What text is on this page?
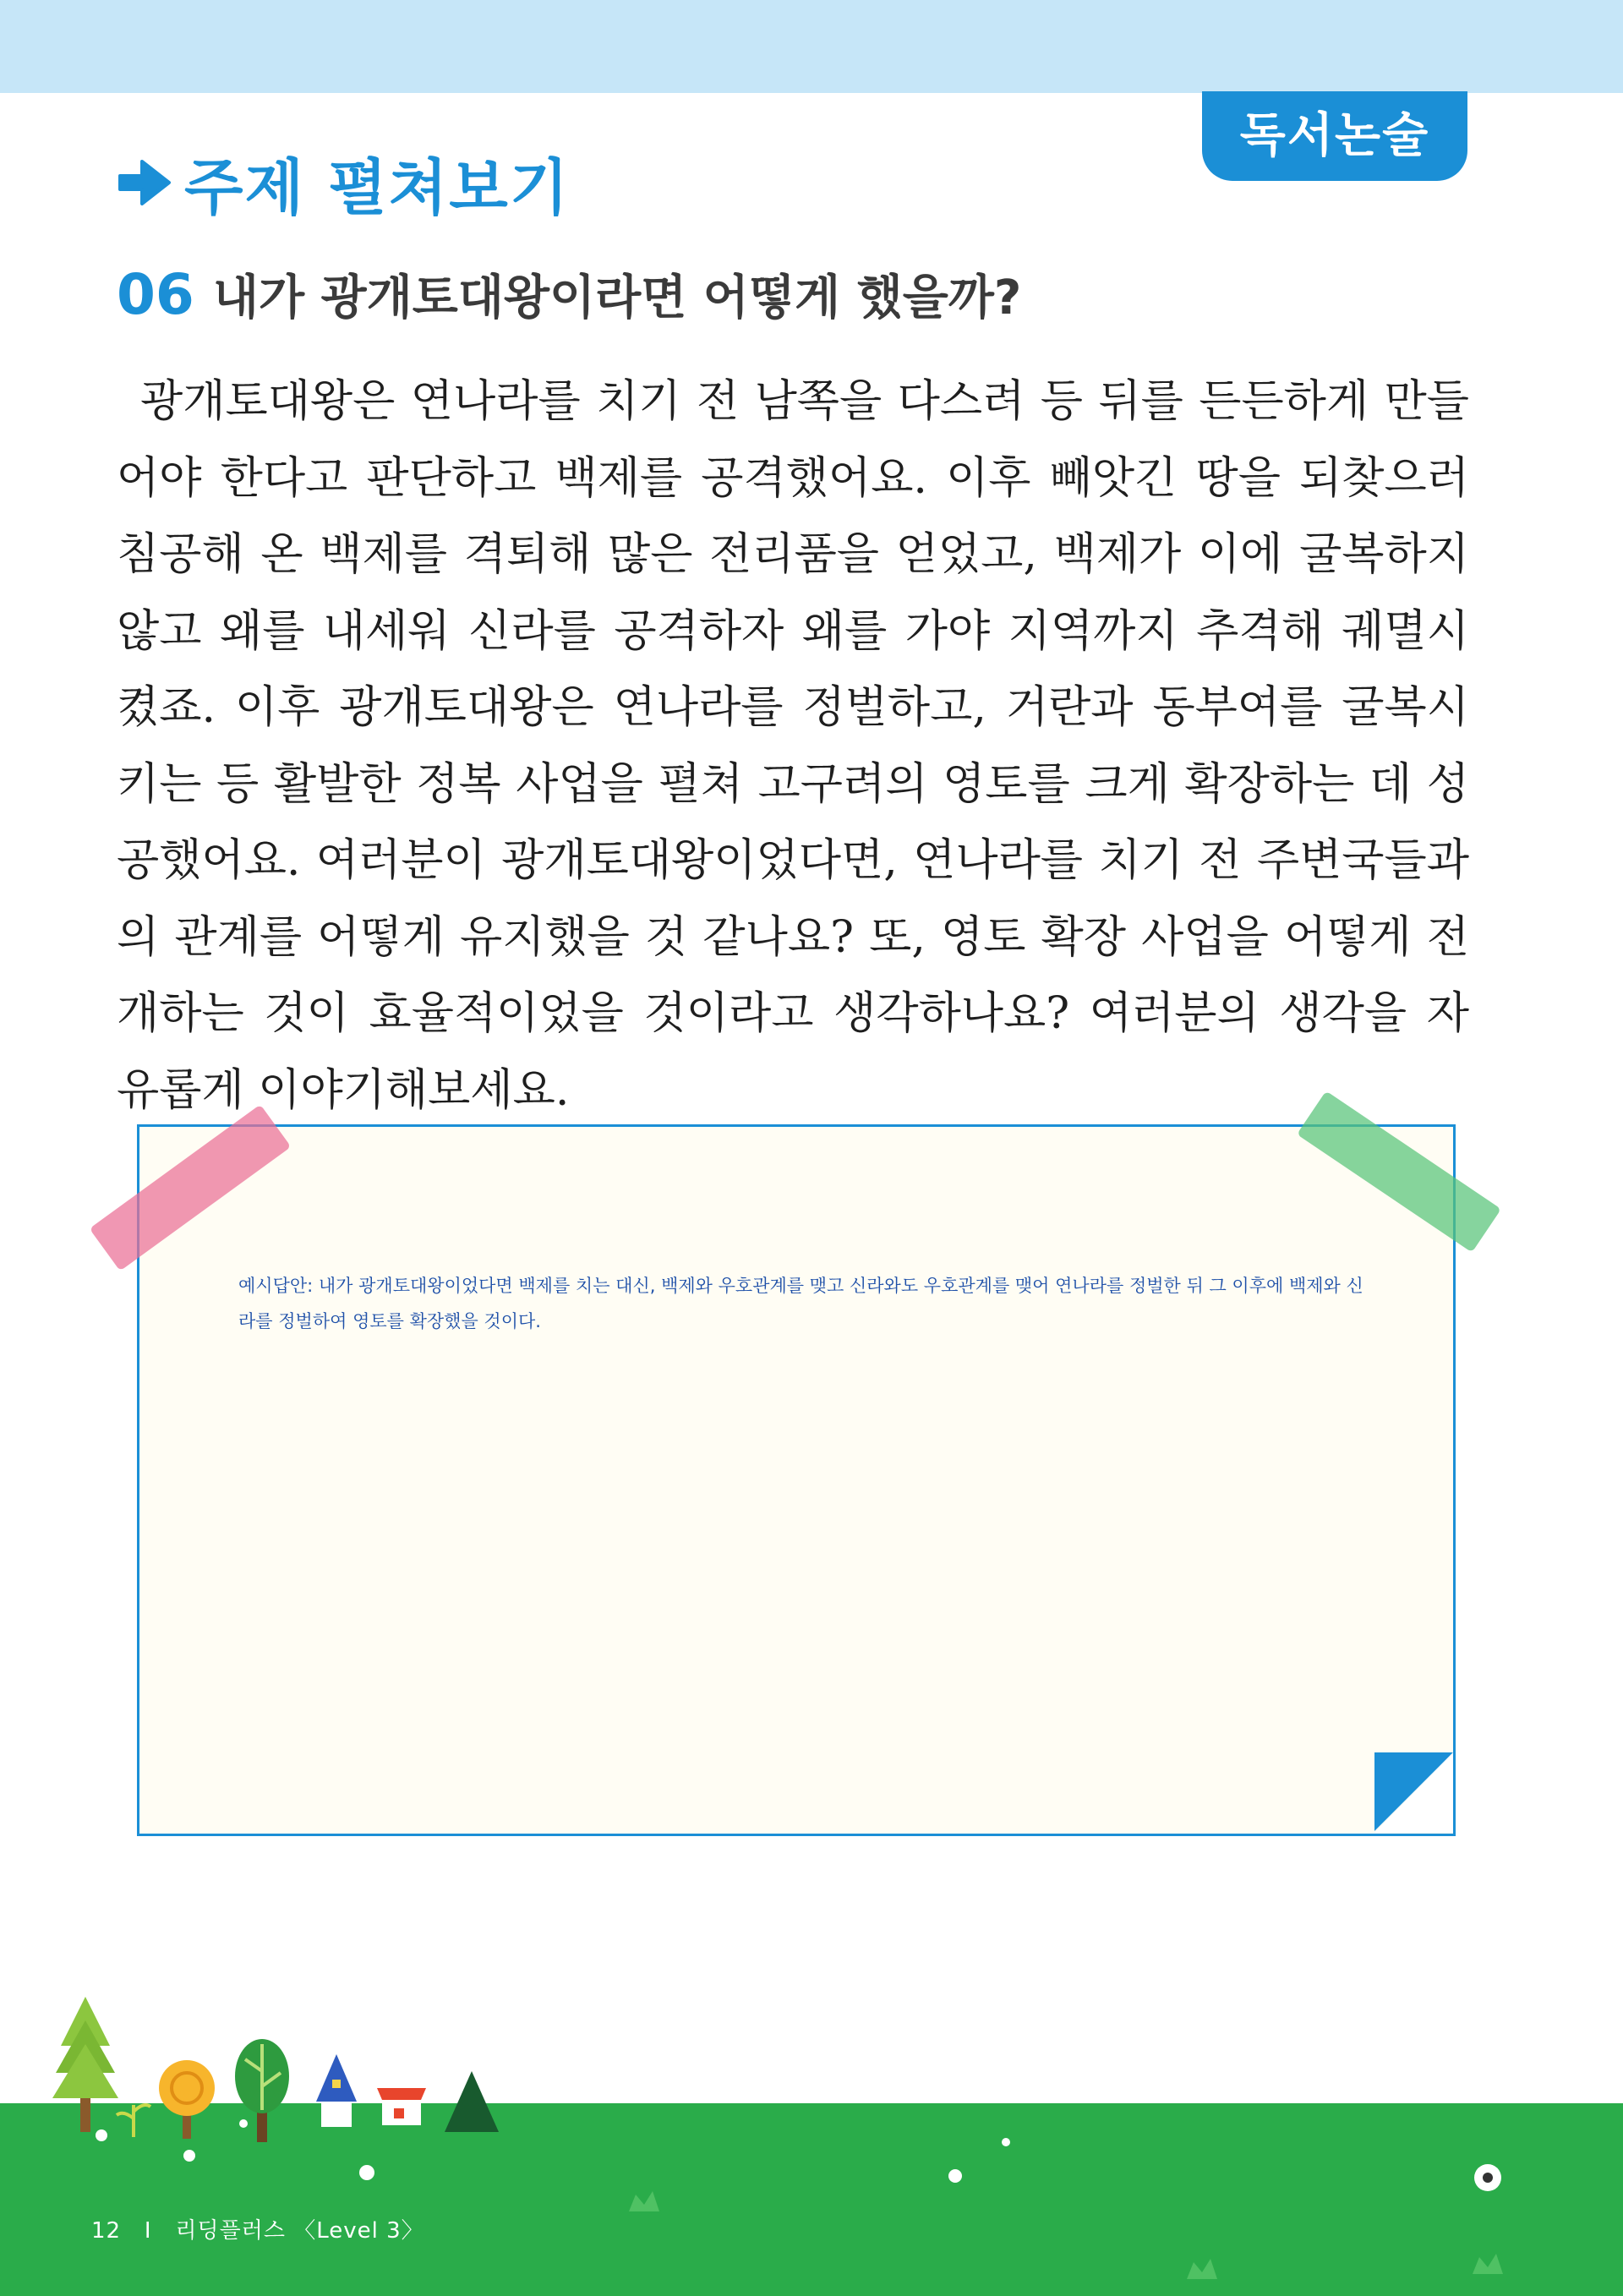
독서논술
주제 펼쳐보기
06 내가 광개토대왕이라면 어떻게 했을까?

광개토대왕은 연나라를 치기 전 남쪽을 다스려 등 뒤를 든든하게 만들어야 한다고 판단하고 백제를 공격했어요. 이후 빼앗긴 땅을 되찾으러 침공해 온 백제를 격퇴해 많은 전리품을 얻었고, 백제가 이에 굴복하지 않고 왜를 내세워 신라를 공격하자 왜를 가야 지역까지 추격해 궤멸시켰죠. 이후 광개토대왕은 연나라를 정벌하고, 거란과 동부여를 굴복시키는 등 활발한 정복 사업을 펼쳐 고구려의 영토를 크게 확장하는 데 성공했어요. 여러분이 광개토대왕이었다면, 연나라를 치기 전 주변국들과의 관계를 어떻게 유지했을 것 같나요? 또, 영토 확장 사업을 어떻게 전개하는 것이 효율적이었을 것이라고 생각하나요? 여러분의 생각을 자유롭게 이야기해보세요.

예시답안: 내가 광개토대왕이었다면 백제를 치는 대신, 백제와 우호관계를 맺고 신라와도 우호관계를 맺어 연나라를 정벌한 뒤 그 이후에 백제와 신라를 정벌하여 영토를 확장했을 것이다.

12 I 리딩플러스 〈Level 3〉
